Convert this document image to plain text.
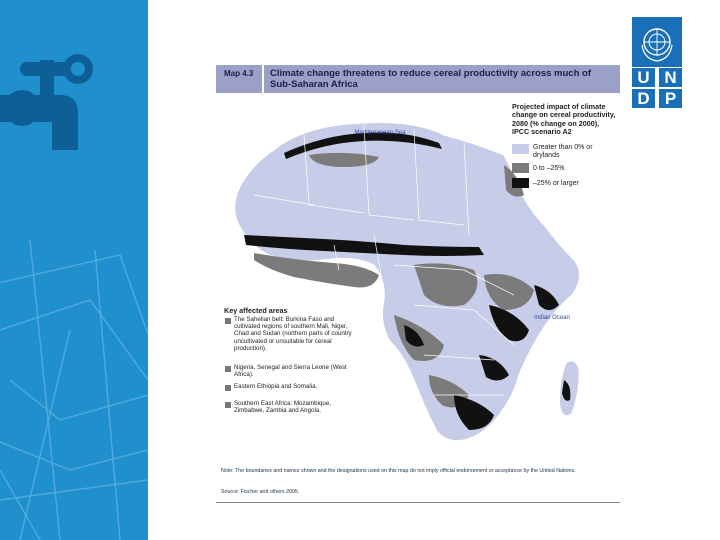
U N
D P
Map 4.3	Climate change threatens to reduce cereal productivity across much of Sub-Saharan Africa
Mediterranean Sea
Indian Ocean
Projected impact of climate change on cereal productivity, 2080 (% change on 2000), IPCC scenario A2
Greater than 0% or drylands
0 to –25%
–25% or larger
Key affected areas
The Sahelian belt: Burkina Faso and cultivated regions of southern Mali, Niger, Chad and Sudan (northern parts of country uncultivated or unsuitable for cereal production).
Nigeria, Senegal and Sierra Leone (West Africa).
Eastern Ethiopia and Somalia.
Southern East Africa: Mozambique, Zimbabwe, Zambia and Angola.
Note: The boundaries and names shown and the designations used on this map do not imply official endorsement or acceptance by the United Nations.
Source: Fischer and others 2005.
